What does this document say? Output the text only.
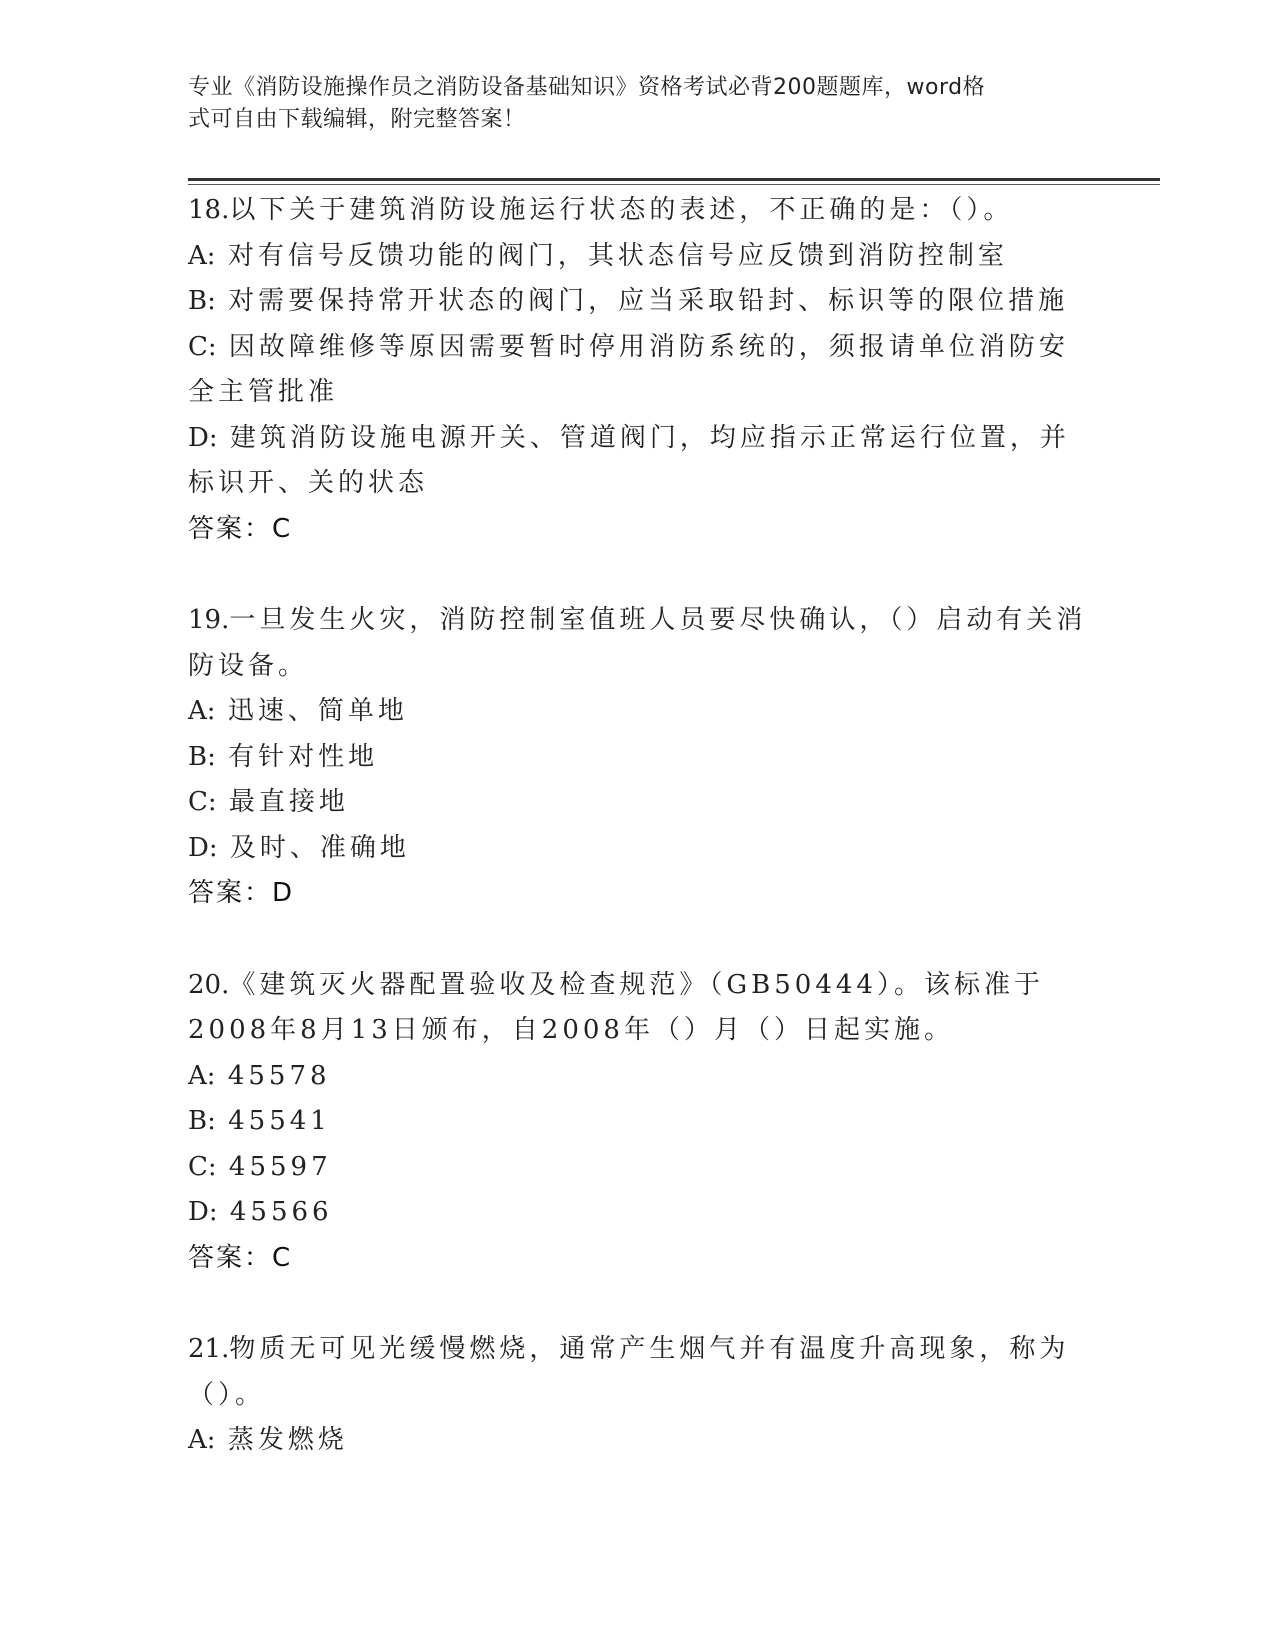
专业《消防设施操作员之消防设备基础知识》资格考试必背200题题库，word格
式可自由下载编辑，附完整答案！

18.以下关于建筑消防设施运行状态的表述，不正确的是：（）。

A: 对有信号反馈功能的阀门，其状态信号应反馈到消防控制室

B: 对需要保持常开状态的阀门，应当采取铅封、标识等的限位措施

C: 因故障维修等原因需要暂时停用消防系统的，须报请单位消防安全主管批准

D: 建筑消防设施电源开关、管道阀门，均应指示正常运行位置，并标识开、关的状态

答案：C

19.一旦发生火灾，消防控制室值班人员要尽快确认，（）启动有关消防设备。

A: 迅速、简单地

B: 有针对性地

C: 最直接地

D: 及时、准确地

答案：D

20.《建筑灭火器配置验收及检查规范》（GB50444）。该标准于2008年8月13日颁布，自2008年（）月（）日起实施。

A: 45578

B: 45541

C: 45597

D: 45566

答案：C

21.物质无可见光缓慢燃烧，通常产生烟气并有温度升高现象，称为（）。

A: 蒸发燃烧
